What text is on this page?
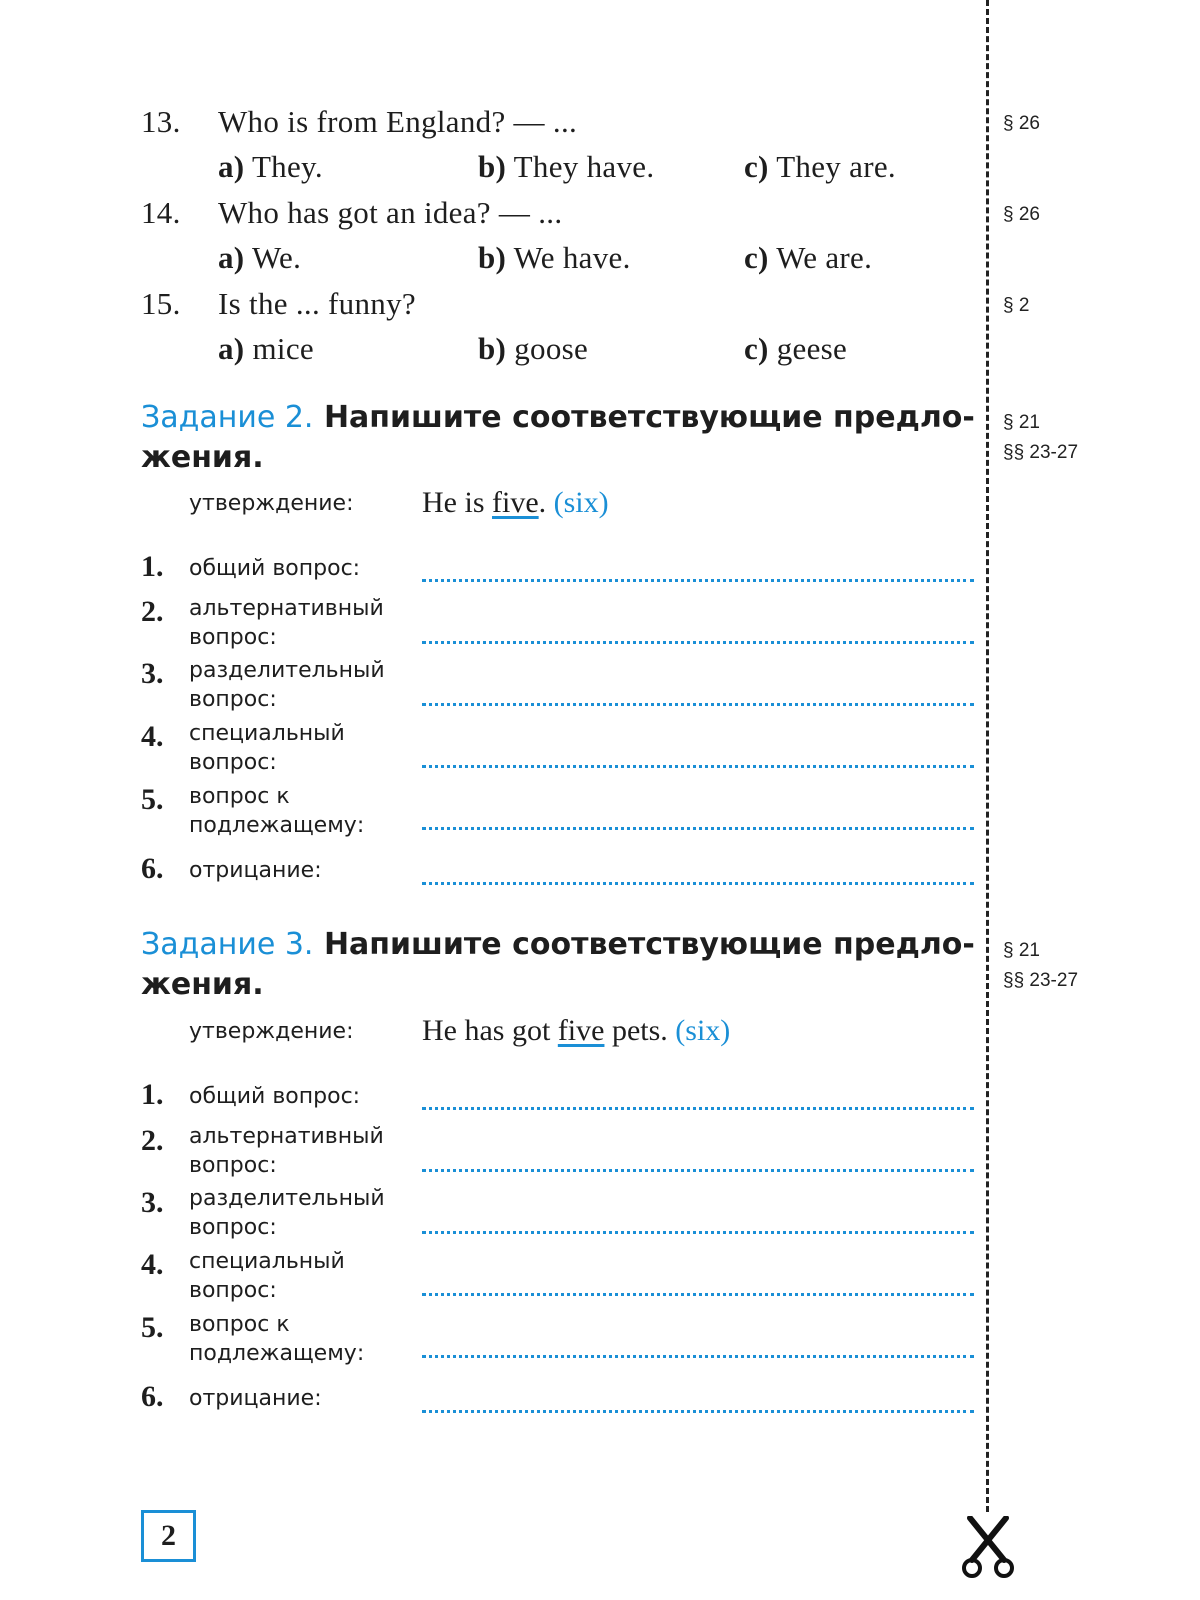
13. Who is from England? — ...
a) They.	b) They have.	c) They are.
§ 26
14. Who has got an idea? — ...
a) We.	b) We have.	c) We are.
§ 26
15. Is the ... funny?
a) mice	b) goose	c) geese
§ 2
Задание 2. Напишите соответствующие предло-
жения.
§ 21
§§ 23-27
утверждение: He is five. (six)
1. общий вопрос:
2. альтернативный вопрос:
3. разделительный вопрос:
4. специальный вопрос:
5. вопрос к подлежащему:
6. отрицание:
Задание 3. Напишите соответствующие предло-
жения.
§ 21
§§ 23-27
утверждение: He has got five pets. (six)
1. общий вопрос:
2. альтернативный вопрос:
3. разделительный вопрос:
4. специальный вопрос:
5. вопрос к подлежащему:
6. отрицание:
2
